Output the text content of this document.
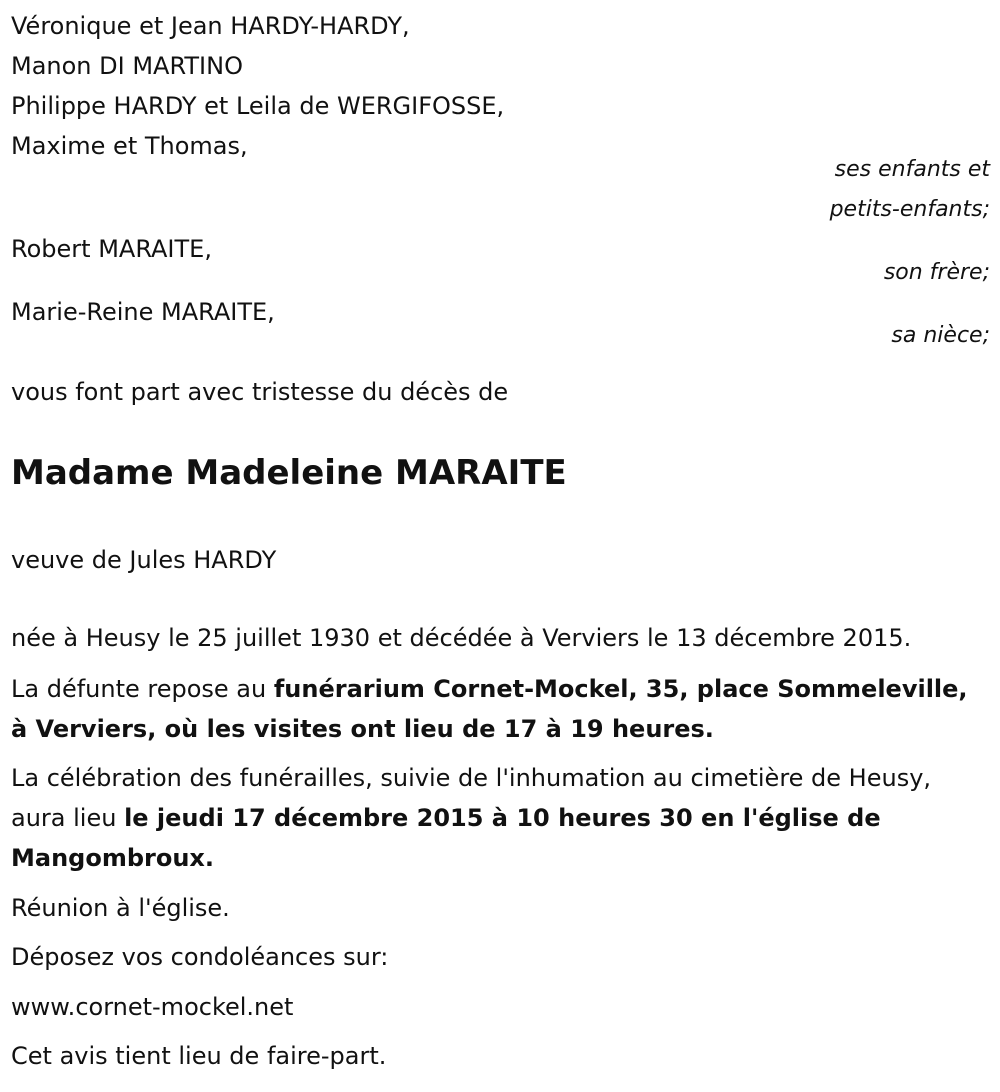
Véronique et Jean HARDY-HARDY,
Manon DI MARTINO
Philippe HARDY et Leila de WERGIFOSSE,
Maxime et Thomas,
ses enfants et
petits-enfants;
Robert MARAITE,
son frère;
Marie-Reine MARAITE,
sa nièce;
vous font part avec tristesse du décès de
Madame Madeleine MARAITE
veuve de Jules HARDY
née à Heusy le 25 juillet 1930 et décédée à Verviers le 13 décembre 2015.
La défunte repose au funérarium Cornet-Mockel, 35, place Sommeleville, à Verviers, où les visites ont lieu de 17 à 19 heures.
La célébration des funérailles, suivie de l'inhumation au cimetière de Heusy, aura lieu le jeudi 17 décembre 2015 à 10 heures 30 en l'église de Mangombroux.
Réunion à l'église.
Déposez vos condoléances sur:
www.cornet-mockel.net
Cet avis tient lieu de faire-part.
